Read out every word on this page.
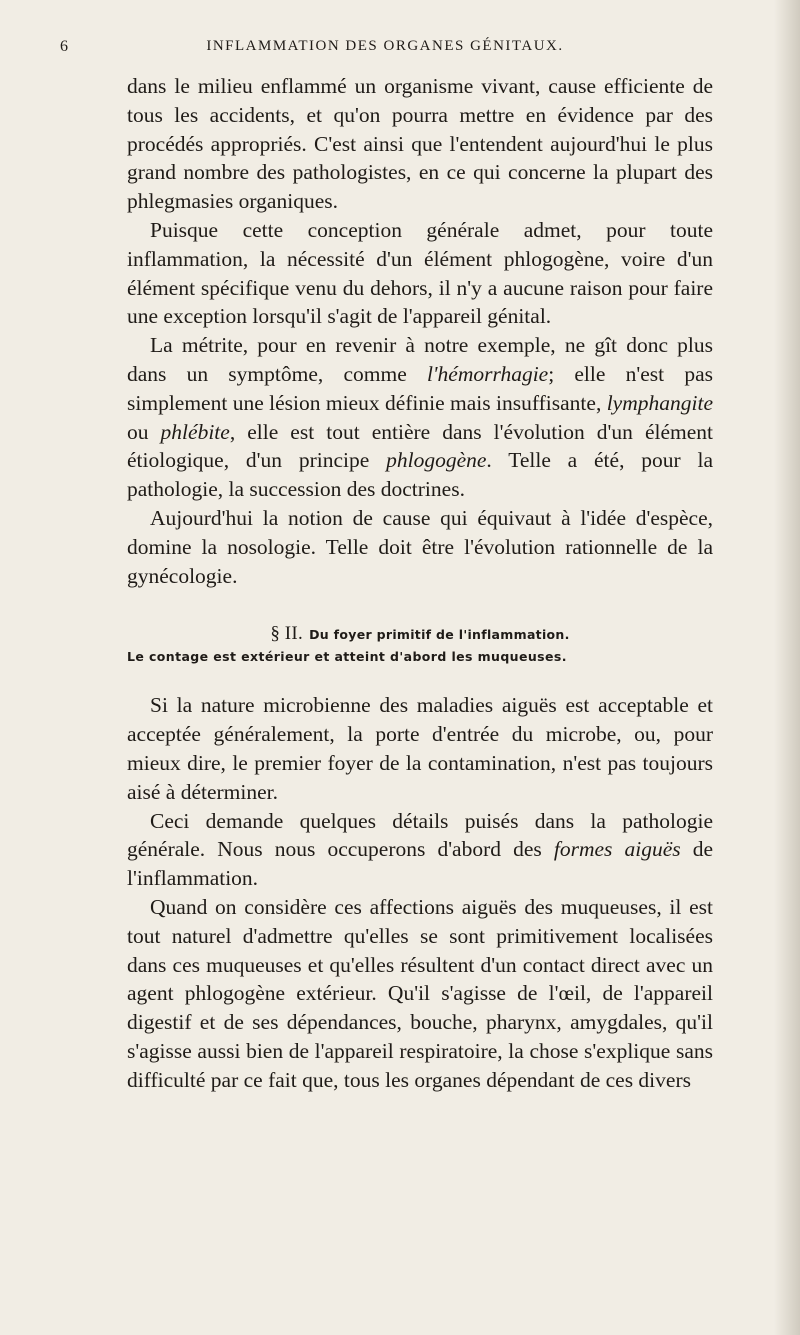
6	INFLAMMATION DES ORGANES GÉNITAUX.

dans le milieu enflammé un organisme vivant, cause efficiente de tous les accidents, et qu'on pourra mettre en évidence par des procédés appropriés. C'est ainsi que l'entendent aujourd'hui le plus grand nombre des pathologistes, en ce qui concerne la plupart des phlegmasies organiques.

Puisque cette conception générale admet, pour toute inflammation, la nécessité d'un élément phlogogène, voire d'un élément spécifique venu du dehors, il n'y a aucune raison pour faire une exception lorsqu'il s'agit de l'appareil génital.

La métrite, pour en revenir à notre exemple, ne gît donc plus dans un symptôme, comme l'hémorrhagie; elle n'est pas simplement une lésion mieux définie mais insuffisante, lymphangite ou phlébite, elle est tout entière dans l'évolution d'un élément étiologique, d'un principe phlogogène. Telle a été, pour la pathologie, la succession des doctrines.

Aujourd'hui la notion de cause qui équivaut à l'idée d'espèce, domine la nosologie. Telle doit être l'évolution rationnelle de la gynécologie.

§ II. Du foyer primitif de l'inflammation.
Le contage est extérieur et atteint d'abord les muqueuses.

Si la nature microbienne des maladies aiguës est acceptable et acceptée généralement, la porte d'entrée du microbe, ou, pour mieux dire, le premier foyer de la contamination, n'est pas toujours aisé à déterminer.

Ceci demande quelques détails puisés dans la pathologie générale. Nous nous occuperons d'abord des formes aiguës de l'inflammation.

Quand on considère ces affections aiguës des muqueuses, il est tout naturel d'admettre qu'elles se sont primitivement localisées dans ces muqueuses et qu'elles résultent d'un contact direct avec un agent phlogogène extérieur. Qu'il s'agisse de l'œil, de l'appareil digestif et de ses dépendances, bouche, pharynx, amygdales, qu'il s'agisse aussi bien de l'appareil respiratoire, la chose s'explique sans difficulté par ce fait que, tous les organes dépendant de ces divers
